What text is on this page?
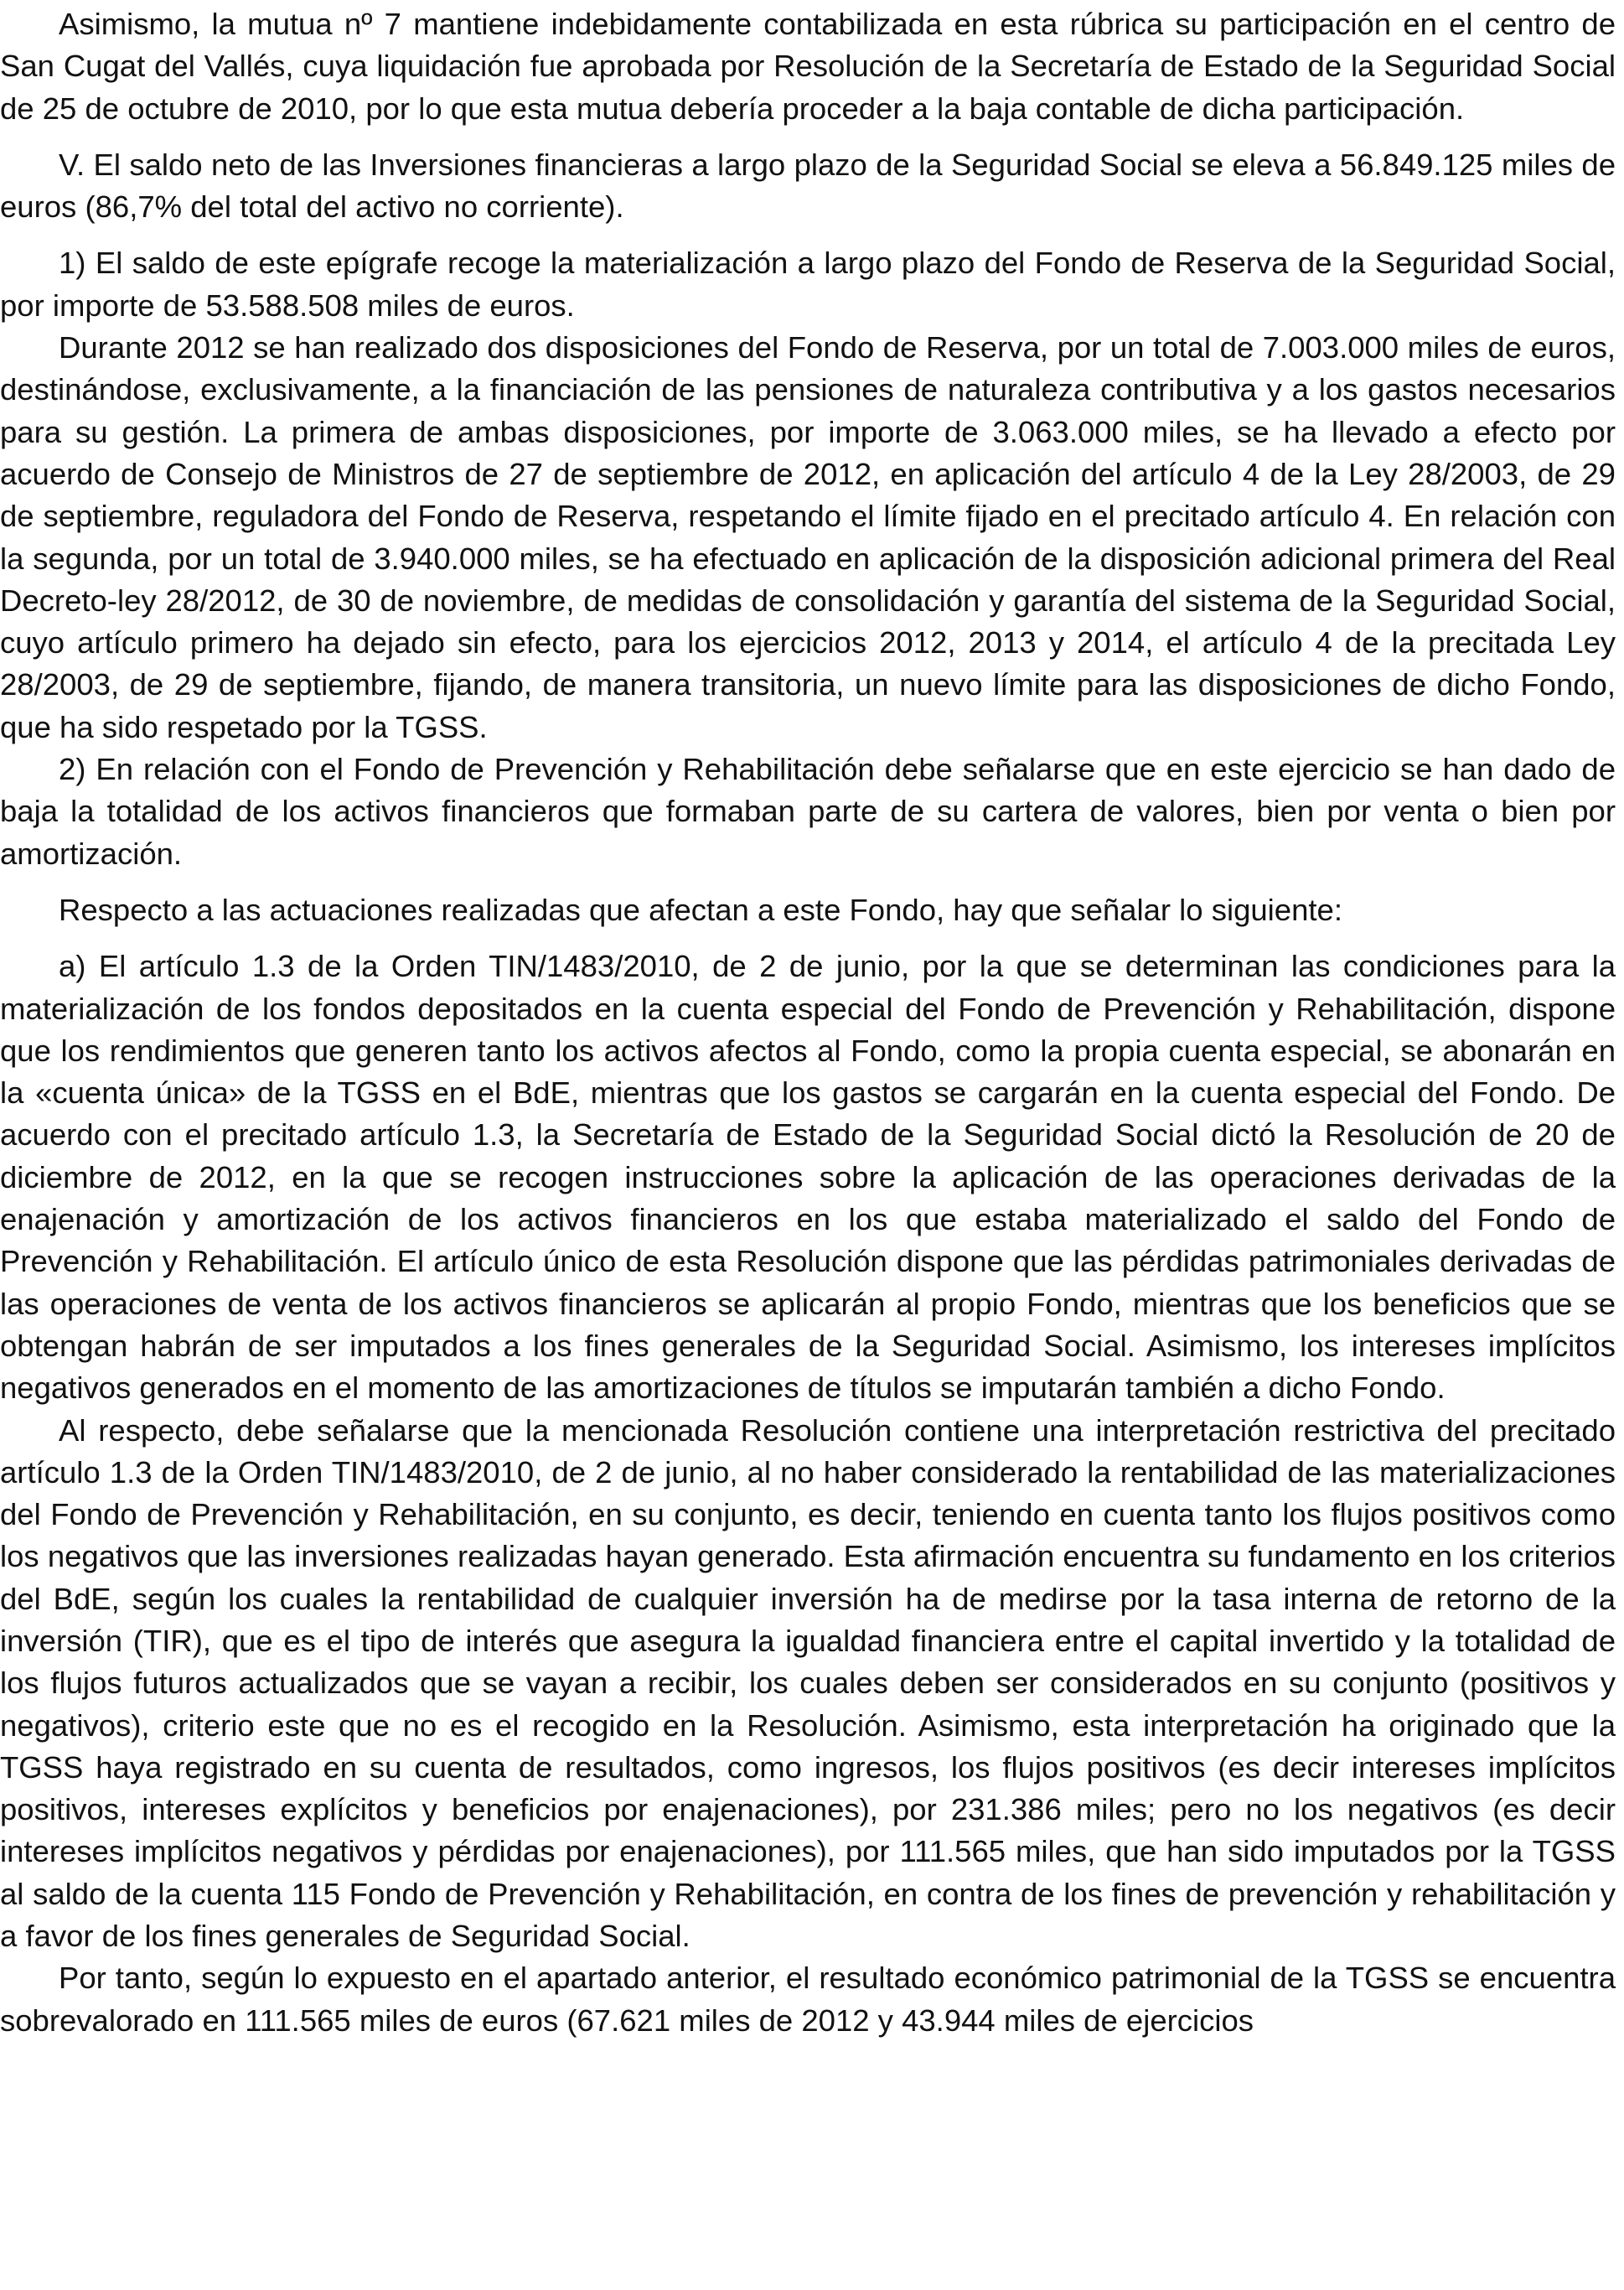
Asimismo, la mutua nº 7 mantiene indebidamente contabilizada en esta rúbrica su participación en el centro de San Cugat del Vallés, cuya liquidación fue aprobada por Resolución de la Secretaría de Estado de la Seguridad Social de 25 de octubre de 2010, por lo que esta mutua debería proceder a la baja contable de dicha participación.

V. El saldo neto de las Inversiones financieras a largo plazo de la Seguridad Social se eleva a 56.849.125 miles de euros (86,7% del total del activo no corriente).

1) El saldo de este epígrafe recoge la materialización a largo plazo del Fondo de Reserva de la Seguridad Social, por importe de 53.588.508 miles de euros.

Durante 2012 se han realizado dos disposiciones del Fondo de Reserva, por un total de 7.003.000 miles de euros, destinándose, exclusivamente, a la financiación de las pensiones de naturaleza contributiva y a los gastos necesarios para su gestión. La primera de ambas disposiciones, por importe de 3.063.000 miles, se ha llevado a efecto por acuerdo de Consejo de Ministros de 27 de septiembre de 2012, en aplicación del artículo 4 de la Ley 28/2003, de 29 de septiembre, reguladora del Fondo de Reserva, respetando el límite fijado en el precitado artículo 4. En relación con la segunda, por un total de 3.940.000 miles, se ha efectuado en aplicación de la disposición adicional primera del Real Decreto-ley 28/2012, de 30 de noviembre, de medidas de consolidación y garantía del sistema de la Seguridad Social, cuyo artículo primero ha dejado sin efecto, para los ejercicios 2012, 2013 y 2014, el artículo 4 de la precitada Ley 28/2003, de 29 de septiembre, fijando, de manera transitoria, un nuevo límite para las disposiciones de dicho Fondo, que ha sido respetado por la TGSS.

2) En relación con el Fondo de Prevención y Rehabilitación debe señalarse que en este ejercicio se han dado de baja la totalidad de los activos financieros que formaban parte de su cartera de valores, bien por venta o bien por amortización.

Respecto a las actuaciones realizadas que afectan a este Fondo, hay que señalar lo siguiente:

a) El artículo 1.3 de la Orden TIN/1483/2010, de 2 de junio, por la que se determinan las condiciones para la materialización de los fondos depositados en la cuenta especial del Fondo de Prevención y Rehabilitación, dispone que los rendimientos que generen tanto los activos afectos al Fondo, como la propia cuenta especial, se abonarán en la «cuenta única» de la TGSS en el BdE, mientras que los gastos se cargarán en la cuenta especial del Fondo. De acuerdo con el precitado artículo 1.3, la Secretaría de Estado de la Seguridad Social dictó la Resolución de 20 de diciembre de 2012, en la que se recogen instrucciones sobre la aplicación de las operaciones derivadas de la enajenación y amortización de los activos financieros en los que estaba materializado el saldo del Fondo de Prevención y Rehabilitación. El artículo único de esta Resolución dispone que las pérdidas patrimoniales derivadas de las operaciones de venta de los activos financieros se aplicarán al propio Fondo, mientras que los beneficios que se obtengan habrán de ser imputados a los fines generales de la Seguridad Social. Asimismo, los intereses implícitos negativos generados en el momento de las amortizaciones de títulos se imputarán también a dicho Fondo.

Al respecto, debe señalarse que la mencionada Resolución contiene una interpretación restrictiva del precitado artículo 1.3 de la Orden TIN/1483/2010, de 2 de junio, al no haber considerado la rentabilidad de las materializaciones del Fondo de Prevención y Rehabilitación, en su conjunto, es decir, teniendo en cuenta tanto los flujos positivos como los negativos que las inversiones realizadas hayan generado. Esta afirmación encuentra su fundamento en los criterios del BdE, según los cuales la rentabilidad de cualquier inversión ha de medirse por la tasa interna de retorno de la inversión (TIR), que es el tipo de interés que asegura la igualdad financiera entre el capital invertido y la totalidad de los flujos futuros actualizados que se vayan a recibir, los cuales deben ser considerados en su conjunto (positivos y negativos), criterio este que no es el recogido en la Resolución. Asimismo, esta interpretación ha originado que la TGSS haya registrado en su cuenta de resultados, como ingresos, los flujos positivos (es decir intereses implícitos positivos, intereses explícitos y beneficios por enajenaciones), por 231.386 miles; pero no los negativos (es decir intereses implícitos negativos y pérdidas por enajenaciones), por 111.565 miles, que han sido imputados por la TGSS al saldo de la cuenta 115 Fondo de Prevención y Rehabilitación, en contra de los fines de prevención y rehabilitación y a favor de los fines generales de Seguridad Social.

Por tanto, según lo expuesto en el apartado anterior, el resultado económico patrimonial de la TGSS se encuentra sobrevalorado en 111.565 miles de euros (67.621 miles de 2012 y 43.944 miles de ejercicios
